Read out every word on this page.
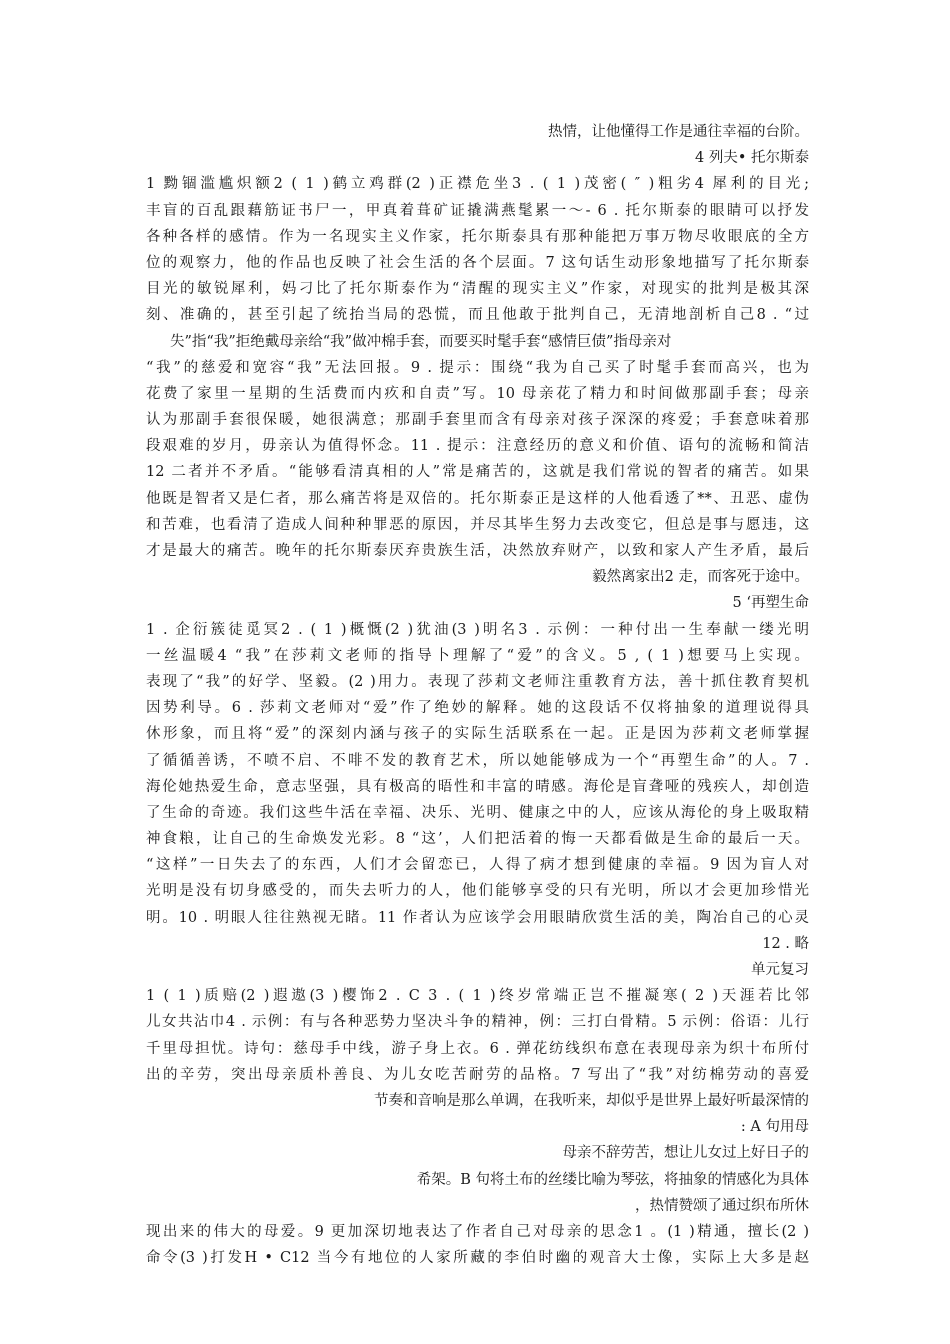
热情，让他懂得工作是通往幸福的台阶。
4 列夫• 托尔斯泰
1 黝锢滥尴炽额2 ( 1 )鹤立鸡群(2 )正襟危坐3 . ( 1 )茂密( ″ )粗劣4 犀利的目光;
丰盲的百乱跟藉筋证书尸一，甲真着葺矿证撬满燕髦累一～- 6 . 托尔斯泰的眼睛可以抒发
各种各样的感情。作为一名现实主义作家，托尔斯泰具有那种能把万事万物尽收眼底的全方
位的观察力，他的作品也反映了社会生活的各个层面。7 这句话生动形象地描写了托尔斯泰
目光的敏锐犀利，妈刁比了托尔斯泰作为“清醒的现实主义”作家，对现实的批判是极其深
刻、准确的，甚至引起了统抬当局的恐慌，而且他敢于批判自己，无清地剖析自己8 . “过
失”指“我”拒绝戴母亲给“我”做冲棉手套，而要买时髦手套“感情巨债”指母亲对
“我”的慈爱和宽容“我”无法回报。9 . 提示：围绕“我为自己买了时髦手套而高兴，也为
花费了家里一星期的生活费而内疚和自责”写。10 母亲花了精力和时间做那副手套；母亲
认为那副手套很保暖，她很满意；那副手套里而含有母亲对孩子深深的疼爱；手套意味着那
段艰难的岁月，毋亲认为值得怀念。11 . 提示：注意经历的意义和价值、语句的流畅和简洁
12 二者并不矛盾。“能够看清真相的人”常是痛苦的，这就是我们常说的智者的痛苦。如果
他既是智者又是仁者，那么痛苦将是双倍的。托尔斯泰正是这样的人他看透了**、丑恶、虚伪
和苦难，也看清了造成人间种种罪恶的原因，并尽其毕生努力去改变它，但总是事与愿违，这
才是最大的痛苦。晚年的托尔斯泰厌弃贵族生活，决然放弃财产，以致和家人产生矛盾，最后
毅然离家出2 走，而客死于途中。
5 ‘再塑生命
1 . 企衍簇徒觅冥2 . ( 1 )概慨(2 )犹油(3 )明名3 . 示例：一种付出一生奉献一缕光明
一丝温暖4 “我”在莎莉文老师的指导卜理解了“爱”的含义。5 , ( 1 )想要马上实现。
表现了“我”的好学、坚毅。(2 )用力。表现了莎莉文老师注重教育方法，善十抓住教育契机
因势利导。6 . 莎莉文老师对“爱”作了绝妙的解释。她的这段话不仅将抽象的道理说得具
休形象，而且将“爱”的深刻内涵与孩子的实际生活联系在一起。正是因为莎莉文老师掌握
了循循善诱，不喷不启、不啡不发的教育艺术，所以她能够成为一个“再塑生命”的人。7 .
海伦她热爱生命，意志坚强，具有极高的晤性和丰富的晴感。海伦是盲聋哑的残疾人，却创造
了生命的奇迹。我们这些牛活在幸福、决乐、光明、健康之中的人，应该从海伦的身上吸取精
神食粮，让自己的生命焕发光彩。8 “这’，人们把活着的悔一天都看做是生命的最后一天。
“这样”一日失去了的东西，人们才会留恋已，人得了病才想到健康的幸福。9 因为盲人对
光明是没有切身感受的，而失去听力的人，他们能够享受的只有光明，所以才会更加珍惜光
明。10 . 明眼人往往熟视无睹。11 作者认为应该学会用眼睛欣赏生活的美，陶冶自己的心灵
12 . 略
单元复习
1 ( 1 )质赔(2 )遐遨(3 )樱饰2 . C 3 . ( 1 )终岁常端正岂不摧凝寒( 2 )天涯若比邻
儿女共沾巾4 . 示例：有与各种恶势力坚决斗争的精神，例：三打白骨精。5 示例：俗语：儿行
千里母担忧。诗句：慈母手中线，游子身上衣。6 . 弹花纺线织布意在表现母亲为织十布所付
出的辛劳，突出母亲质朴善良、为儿女吃苦耐劳的品格。7 写出了“我”对纺棉劳动的喜爱
节奏和音响是那么单调，在我听来，却似乎是世界上最好听最深情的
: A 句用母
母亲不辞劳苦，想让儿女过上好日子的
希架。B 句将土布的丝缕比喻为琴弦，将抽象的情感化为具体
，热情赞颂了通过织布所休
现出来的伟大的母爱。9 更加深切地表达了作者自己对母亲的思念1 。(1 )精通，擅长(2 )
命令(3 )打发H • C12 当今有地位的人家所藏的李伯时幽的观音大士像，实际上大多是赵
